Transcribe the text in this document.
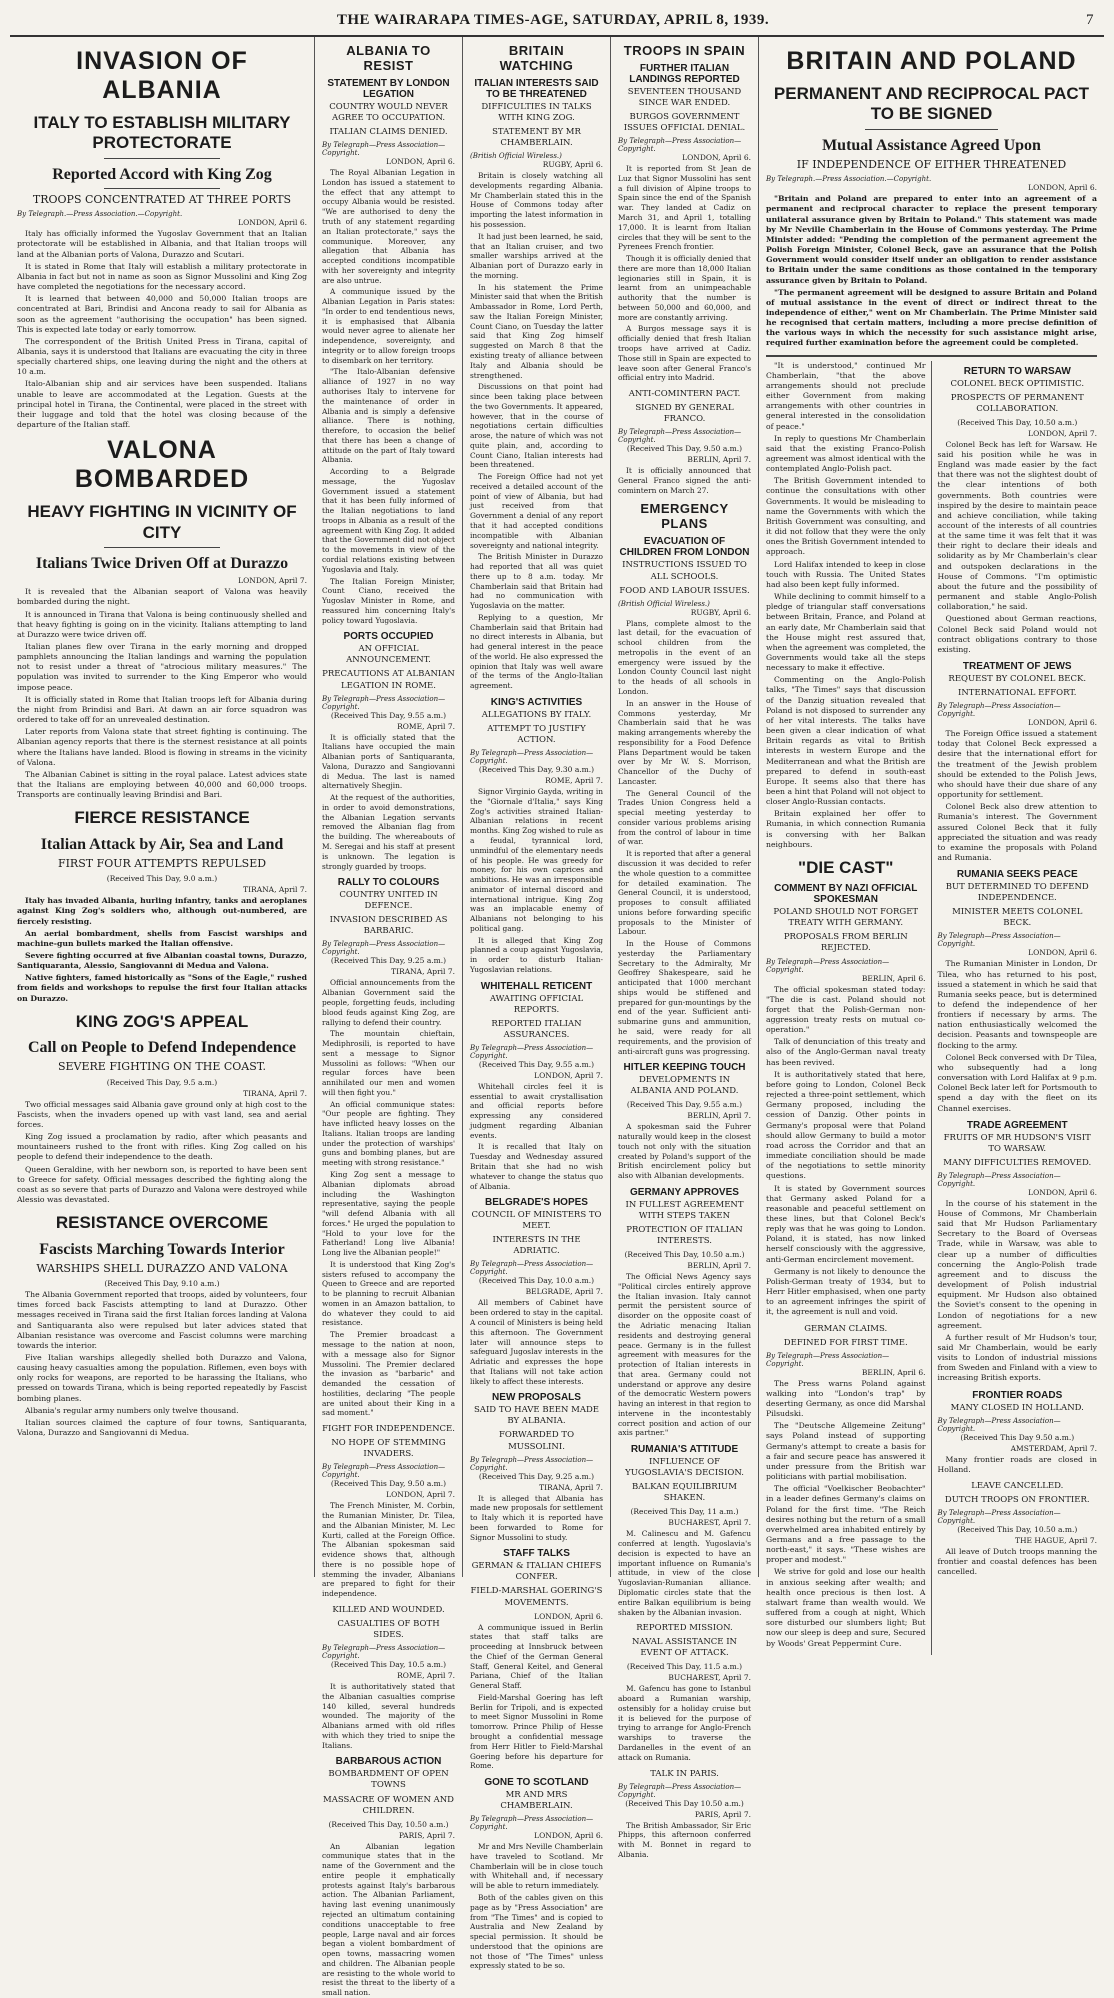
THE WAIRARAPA TIMES-AGE, SATURDAY, APRIL 8, 1939.	7
INVASION OF ALBANIA
ITALY TO ESTABLISH MILITARY PROTECTORATE
Reported Accord with King Zog
TROOPS CONCENTRATED AT THREE PORTS
By Telegraph.—Press Association.—Copyright.
LONDON, April 6.

Italy has officially informed the Yugoslav Government that an Italian protectorate will be established in Albania, and that Italian troops will land at the Albanian ports of Valona, Durazzo and Scutari.

It is stated in Rome that Italy will establish a military protectorate in Albania in fact but not in name as soon as Signor Mussolini and King Zog have completed the negotiations for the necessary accord.

It is learned that between 40,000 and 50,000 Italian troops are concentrated at Bari, Brindisi and Ancona ready to sail for Albania as soon as the agreement "authorising the occupation" has been signed. This is expected late today or early tomorrow.

The correspondent of the British United Press in Tirana, capital of Albania, says it is understood that Italians are evacuating the city in three specially chartered ships, one leaving during the night and the others at 10 a.m.

Italo-Albanian ship and air services have been suspended. Italians unable to leave are accommodated at the Legation. Guests at the principal hotel in Tirana, the Continental, were placed in the street with their luggage and told that the hotel was closing because of the departure of the Italian staff.

VALONA BOMBARDED
HEAVY FIGHTING IN VICINITY OF CITY
Italians Twice Driven Off at Durazzo
LONDON, April 7.

It is revealed that the Albanian seaport of Valona was heavily bombarded during the night.

It is announced in Tirana that Valona is being continuously shelled and that heavy fighting is going on in the vicinity. Italians attempting to land at Durazzo were twice driven off.

Italian planes flew over Tirana in the early morning and dropped pamphlets announcing the Italian landings and warning the population not to resist under a threat of "atrocious military measures." The population was invited to surrender to the King Emperor who would impose peace.

It is officially stated in Rome that Italian troops left for Albania during the night from Brindisi and Bari. At dawn an air force squadron was ordered to take off for an unrevealed destination.

Later reports from Valona state that street fighting is continuing. The Albanian agency reports that there is the sternest resistance at all points where the Italians have landed. Blood is flowing in streams in the vicinity of Valona.

The Albanian Cabinet is sitting in the royal palace. Latest advices state that the Italians are employing between 40,000 and 60,000 troops. Transports are continually leaving Brindisi and Bari.

FIERCE RESISTANCE
Italian Attack by Air, Sea and Land
FIRST FOUR ATTEMPTS REPULSED
(Received This Day, 9.0 a.m.)
TIRANA, April 7.

Italy has invaded Albania, hurling infantry, tanks and aeroplanes against King Zog's soldiers who, although out-numbered, are fiercely resisting.

An aerial bombardment, shells from Fascist warships and machine-gun bullets marked the Italian offensive.

Severe fighting occurred at five Albanian coastal towns, Durazzo, Santiquaranta, Alessio, Sangiovanni di Medua and Valona.

Native fighters, famed historically as "Sons of the Eagle," rushed from fields and workshops to repulse the first four Italian attacks on Durazzo.

KING ZOG'S APPEAL
Call on People to Defend Independence
SEVERE FIGHTING ON THE COAST.
(Received This Day, 9.5 a.m.)
TIRANA, April 7.

Two official messages said Albania gave ground only at high cost to the Fascists, when the invaders opened up with vast land, sea and aerial forces.

King Zog issued a proclamation by radio, after which peasants and mountaineers rushed to the front with rifles. King Zog called on his people to defend their independence to the death.

Queen Geraldine, with her newborn son, is reported to have been sent to Greece for safety. Official messages described the fighting along the coast as so severe that parts of Durazzo and Valona were destroyed while Alessio was devastated.

RESISTANCE OVERCOME
Fascists Marching Towards Interior
WARSHIPS SHELL DURAZZO AND VALONA
(Received This Day, 9.10 a.m.)

The Albania Government reported that troops, aided by volunteers, four times forced back Fascists attempting to land at Durazzo. Other messages received in Tirana said the first Italian forces landing at Valona and Santiquaranta also were repulsed but later advices stated that Albanian resistance was overcome and Fascist columns were marching towards the interior.

Five Italian warships allegedly shelled both Durazzo and Valona, causing heavy casualties among the population. Riflemen, even boys with only rocks for weapons, are reported to be harassing the Italians, who pressed on towards Tirana, which is being reported repeatedly by Fascist bombing planes.

Albania's regular army numbers only twelve thousand.

Italian sources claimed the capture of four towns, Santiquaranta, Valona, Durazzo and Sangiovanni di Medua.

ALBANIA TO RESIST
STATEMENT BY LONDON LEGATION
COUNTRY WOULD NEVER AGREE TO OCCUPATION.
ITALIAN CLAIMS DENIED.
By Telegraph—Press Association—Copyright.
LONDON, April 6.

The Royal Albanian Legation in London has issued a statement to the effect that any attempt to occupy Albania would be resisted. "We are authorised to deny the truth of any statement regarding an Italian protectorate," says the communique. Moreover, any allegation that Albania has accepted conditions incompatible with her sovereignty and integrity are also untrue.

A communique issued by the Albanian Legation in Paris states: "In order to end tendentious news, it is emphasised that Albania would never agree to alienate her independence, sovereignty, and integrity or to allow foreign troops to disembark on her territory.

"The Italo-Albanian defensive alliance of 1927 in no way authorises Italy to intervene for the maintenance of order in Albania and is simply a defensive alliance. There is nothing, therefore, to occasion the belief that there has been a change of attitude on the part of Italy toward Albania.

According to a Belgrade message, the Yugoslav Government issued a statement that it has been fully informed of the Italian negotiations to land troops in Albania as a result of the agreement with King Zog. It added that the Government did not object to the movements in view of the cordial relations existing between Yugoslavia and Italy.

The Italian Foreign Minister, Count Ciano, received the Yugoslav Minister in Rome, and reassured him concerning Italy's policy toward Yugoslavia.

PORTS OCCUPIED
AN OFFICIAL ANNOUNCEMENT.
PRECAUTIONS AT ALBANIAN LEGATION IN ROME.
By Telegraph—Press Association—Copyright.
(Received This Day, 9.55 a.m.)
ROME, April 7.

It is officially stated that the Italians have occupied the main Albanian ports of Santiquaranta, Valona, Durazzo and Sangiovanni di Medua. The last is named alternatively Shegjin.

At the request of the authorities, in order to avoid demonstrations, the Albanian Legation servants removed the Albanian flag from the building. The whereabouts of M. Seregai and his staff at present is unknown. The legation is strongly guarded by troops.

RALLY TO COLOURS
COUNTRY UNITED IN DEFENCE.
INVASION DESCRIBED AS BARBARIC.
By Telegraph—Press Association—Copyright.
(Received This Day, 9.25 a.m.)
TIRANA, April 7.

Official announcements from the Albanian Government said the people, forgetting feuds, including blood feuds against King Zog, are rallying to defend their country.

The mountain chieftain, Mediphrosili, is reported to have sent a message to Signor Mussolini as follows: "When our regular forces have been annihilated our men and women will then fight you."

An official communique states: "Our people are fighting. They have inflicted heavy losses on the Italians. Italian troops are landing under the protection of warships' guns and bombing planes, but are meeting with strong resistance."

King Zog sent a message to Albanian diplomats abroad including the Washington representative, saying the people "will defend Albania with all forces." He urged the population to "Hold to your love for the Fatherland! Long live Albania! Long live the Albanian people!"

It is understood that King Zog's sisters refused to accompany the Queen to Greece and are reported to be planning to recruit Albanian women in an Amazon battalion, to do whatever they could to aid resistance.

The Premier broadcast a message to the nation at noon, with a message also for Signor Mussolini. The Premier declared the invasion as "barbaric" and demanded the cessation of hostilities, declaring "The people are united about their King in a sad moment."

FIGHT FOR INDEPENDENCE.
NO HOPE OF STEMMING INVADERS.
By Telegraph—Press Association—Copyright.
(Received This Day, 9.50 a.m.)
LONDON, April 7.

The French Minister, M. Corbin, the Rumanian Minister, Dr. Tilea, and the Albanian Minister, M. Lec Kurti, called at the Foreign Office. The Albanian spokesman said evidence shows that, although there is no possible hope of stemming the invader, Albanians are prepared to fight for their independence.

KILLED AND WOUNDED.
CASUALTIES OF BOTH SIDES.
By Telegraph—Press Association—Copyright.
(Received This Day, 10.5 a.m.)
ROME, April 7.

It is authoritatively stated that the Albanian casualties comprise 140 killed, several hundreds wounded. The majority of the Albanians armed with old rifles with which they tried to snipe the Italians.

BARBAROUS ACTION
BOMBARDMENT OF OPEN TOWNS
MASSACRE OF WOMEN AND CHILDREN.
(Received This Day, 10.50 a.m.)
PARIS, April 7.

An Albanian legation communique states that in the name of the Government and the entire people it emphatically protests against Italy's barbarous action. The Albanian Parliament, having last evening unanimously rejected an ultimatum containing conditions unacceptable to free people, Large naval and air forces began a violent bombardment of open towns, massacring women and children. The Albanian people are resisting to the whole world to resist the threat to the liberty of a small nation.

BRITAIN WATCHING
ITALIAN INTERESTS SAID TO BE THREATENED
DIFFICULTIES IN TALKS WITH KING ZOG.
STATEMENT BY MR CHAMBERLAIN.
(British Official Wireless.)
RUGBY, April 6.

Britain is closely watching all developments regarding Albania. Mr Chamberlain stated this in the House of Commons today after importing the latest information in his possession.

It had just been learned, he said, that an Italian cruiser, and two smaller warships arrived at the Albanian port of Durazzo early in the morning.

In his statement the Prime Minister said that when the British Ambassador in Rome, Lord Perth, saw the Italian Foreign Minister, Count Ciano, on Tuesday the latter said that King Zog himself suggested on March 8 that the existing treaty of alliance between Italy and Albania should be strengthened.

Discussions on that point had since been taking place between the two Governments. It appeared, however, that in the course of negotiations certain difficulties arose, the nature of which was not quite plain, and, according to Count Ciano, Italian interests had been threatened.

The Foreign Office had not yet received a detailed account of the point of view of Albania, but had just received from that Government a denial of any report that it had accepted conditions incompatible with Albanian sovereignty and national integrity.

The British Minister in Durazzo had reported that all was quiet there up to 8 a.m. today. Mr Chamberlain said that Britain had had no communication with Yugoslavia on the matter.

Replying to a question, Mr Chamberlain said that Britain had no direct interests in Albania, but had general interest in the peace of the world. He also expressed the opinion that Italy was well aware of the terms of the Anglo-Italian agreement.

KING'S ACTIVITIES
ALLEGATIONS BY ITALY.
ATTEMPT TO JUSTIFY ACTION.
By Telegraph—Press Association—Copyright.
(Received This Day, 9.30 a.m.)
ROME, April 7.

Signor Virginio Gayda, writing in the "Giornale d'Italia," says King Zog's activities strained Italian-Albanian relations in recent months. King Zog wished to rule as a feudal, tyrannical lord, unmindful of the elementary needs of his people. He was greedy for money, for his own caprices and ambitions. He was an irresponsible animator of internal discord and international intrigue. King Zog was an implacable enemy of Albanians not belonging to his political gang.

It is alleged that King Zog planned a coup against Yugoslavia, in order to disturb Italian-Yugoslavian relations.

WHITEHALL RETICENT
AWAITING OFFICIAL REPORTS.
REPORTED ITALIAN ASSURANCES.
By Telegraph—Press Association—Copyright.
(Received This Day, 9.55 a.m.)
LONDON, April 7.

Whitehall circles feel it is essential to await crystallisation and official reports before expressing any considered judgment regarding Albanian events.

It is recalled that Italy on Tuesday and Wednesday assured Britain that she had no wish whatever to change the status quo of Albania.

BELGRADE'S HOPES
COUNCIL OF MINISTERS TO MEET.
INTERESTS IN THE ADRIATIC.
By Telegraph—Press Association—Copyright.
(Received This Day, 10.0 a.m.)
BELGRADE, April 7.

All members of Cabinet have been ordered to stay in the capital. A council of Ministers is being held this afternoon. The Government later will announce steps to safeguard Jugoslav interests in the Adriatic and expresses the hope that Italians will not take action likely to affect these interests.

NEW PROPOSALS
SAID TO HAVE BEEN MADE BY ALBANIA.
FORWARDED TO MUSSOLINI.
By Telegraph—Press Association—Copyright.
(Received This Day, 9.25 a.m.)
TIRANA, April 7.

It is alleged that Albania has made new proposals for settlement to Italy which it is reported have been forwarded to Rome for Signor Mussolini to study.

STAFF TALKS
GERMAN & ITALIAN CHIEFS CONFER.
FIELD-MARSHAL GOERING'S MOVEMENTS.
LONDON, April 6.

A communique issued in Berlin states that staff talks are proceeding at Innsbruck between the Chief of the German General Staff, General Keitel, and General Pariana, Chief of the Italian General Staff.

Field-Marshal Goering has left Berlin for Tripoli, and is expected to meet Signor Mussolini in Rome tomorrow. Prince Philip of Hesse brought a confidential message from Herr Hitler to Field-Marshal Goering before his departure for Rome.

GONE TO SCOTLAND
MR AND MRS CHAMBERLAIN.
By Telegraph—Press Association—Copyright.
LONDON, April 6.

Mr and Mrs Neville Chamberlain have traveled to Scotland. Mr Chamberlain will be in close touch with Whitehall and, if necessary will be able to return immediately.

Both of the cables given on this page as by "Press Association" are from "The Times" and is copied to Australia and New Zealand by special permission. It should be understood that the opinions are not those of "The Times" unless expressly stated to be so.

TROOPS IN SPAIN
FURTHER ITALIAN LANDINGS REPORTED
SEVENTEEN THOUSAND SINCE WAR ENDED.
BURGOS GOVERNMENT ISSUES OFFICIAL DENIAL.
By Telegraph—Press Association—Copyright.
LONDON, April 6.

It is reported from St Jean de Luz that Signor Mussolini has sent a full division of Alpine troops to Spain since the end of the Spanish war. They landed at Cadiz on March 31, and April 1, totalling 17,000. It is learnt from Italian circles that they will be sent to the Pyrenees French frontier.

Though it is officially denied that there are more than 18,000 Italian legionaries still in Spain, it is learnt from an unimpeachable authority that the number is between 50,000 and 60,000, and more are constantly arriving.

A Burgos message says it is officially denied that fresh Italian troops have arrived at Cadiz. Those still in Spain are expected to leave soon after General Franco's official entry into Madrid.

ANTI-COMINTERN PACT.
SIGNED BY GENERAL FRANCO.
By Telegraph—Press Association—Copyright.
(Received This Day, 9.50 a.m.)
BERLIN, April 7.

It is officially announced that General Franco signed the anti-comintern on March 27.

EMERGENCY PLANS
EVACUATION OF CHILDREN FROM LONDON
INSTRUCTIONS ISSUED TO ALL SCHOOLS.
FOOD AND LABOUR ISSUES.
(British Official Wireless.)
RUGBY, April 6.

Plans, complete almost to the last detail, for the evacuation of school children from the metropolis in the event of an emergency were issued by the London County Council last night to the heads of all schools in London.

In an answer in the House of Commons yesterday, Mr Chamberlain said that he was making arrangements whereby the responsibility for a Food Defence Plans Department would be taken over by Mr W. S. Morrison, Chancellor of the Duchy of Lancaster.

The General Council of the Trades Union Congress held a special meeting yesterday to consider various problems arising from the control of labour in time of war.

It is reported that after a general discussion it was decided to refer the whole question to a committee for detailed examination. The General Council, it is understood, proposes to consult affiliated unions before forwarding specific proposals to the Minister of Labour.

In the House of Commons yesterday the Parliamentary Secretary to the Admiralty, Mr Geoffrey Shakespeare, said he anticipated that 1000 merchant ships would be stiffened and prepared for gun-mountings by the end of the year. Sufficient anti-submarine guns and ammunition, he said, were ready for all requirements, and the provision of anti-aircraft guns was progressing.

HITLER KEEPING TOUCH
DEVELOPMENTS IN ALBANIA AND POLAND.
(Received This Day, 9.55 a.m.)
BERLIN, April 7.

A spokesman said the Fuhrer naturally would keep in the closest touch not only with the situation created by Poland's support of the British encirclement policy but also with Albanian developments.

GERMANY APPROVES
IN FULLEST AGREEMENT WITH STEPS TAKEN
PROTECTION OF ITALIAN INTERESTS.
(Received This Day, 10.50 a.m.)
BERLIN, April 7.

The Official News Agency says "Political circles entirely approve the Italian invasion. Italy cannot permit the persistent source of disorder on the opposite coast of the Adriatic menacing Italian residents and destroying general peace. Germany is in the fullest agreement with measures for the protection of Italian interests in that area. Germany could not understand or approve any desire of the democratic Western powers having an interest in that region to intervene in the incontestably correct position and action of our axis partner."

RUMANIA'S ATTITUDE
INFLUENCE OF YUGOSLAVIA'S DECISION.
BALKAN EQUILIBRIUM SHAKEN.
(Received This Day, 11 a.m.)
BUCHAREST, April 7.

M. Calinescu and M. Gafencu conferred at length. Yugoslavia's decision is expected to have an important influence on Rumania's attitude, in view of the close Yugoslavian-Rumanian alliance. Diplomatic circles state that the entire Balkan equilibrium is being shaken by the Albanian invasion.

REPORTED MISSION.
NAVAL ASSISTANCE IN EVENT OF ATTACK.
(Received This Day, 11.5 a.m.)
BUCHAREST, April 7.

M. Gafencu has gone to Istanbul aboard a Rumanian warship, ostensibly for a holiday cruise but it is believed for the purpose of trying to arrange for Anglo-French warships to traverse the Dardanelles in the event of an attack on Rumania.

TALK IN PARIS.
By Telegraph—Press Association—Copyright.
(Received This Day 10.50 a.m.)
PARIS, April 7.

The British Ambassador, Sir Eric Phipps, this afternoon conferred with M. Bonnet in regard to Albania.

BRITAIN AND POLAND
PERMANENT AND RECIPROCAL PACT TO BE SIGNED
Mutual Assistance Agreed Upon
IF INDEPENDENCE OF EITHER THREATENED
By Telegraph.—Press Association.—Copyright.
LONDON, April 6.

"Britain and Poland are prepared to enter into an agreement of a permanent and reciprocal character to replace the present temporary unilateral assurance given by Britain to Poland." This statement was made by Mr Neville Chamberlain in the House of Commons yesterday. The Prime Minister added: "Pending the completion of the permanent agreement the Polish Foreign Minister, Colonel Beck, gave an assurance that the Polish Government would consider itself under an obligation to render assistance to Britain under the same conditions as those contained in the temporary assurance given by Britain to Poland.

"The permanent agreement will be designed to assure Britain and Poland of mutual assistance in the event of direct or indirect threat to the independence of either," went on Mr Chamberlain. The Prime Minister said he recognised that certain matters, including a more precise definition of the various ways in which the necessity for such assistance might arise, required further examination before the agreement could be completed.

"It is understood," continued Mr Chamberlain, "that the above arrangements should not preclude either Government from making arrangements with other countries in general interested in the consolidation of peace."

In reply to questions Mr Chamberlain said that the existing Franco-Polish agreement was almost identical with the contemplated Anglo-Polish pact.

The British Government intended to continue the consultations with other Governments. It would be misleading to name the Governments with which the British Government was consulting, and it did not follow that they were the only ones the British Government intended to approach.

Lord Halifax intended to keep in close touch with Russia. The United States had also been kept fully informed.

While declining to commit himself to a pledge of triangular staff conversations between Britain, France, and Poland at an early date, Mr Chamberlain said that the House might rest assured that, when the agreement was completed, the Governments would take all the steps necessary to make it effective.

Commenting on the Anglo-Polish talks, "The Times" says that discussion of the Danzig situation revealed that Poland is not disposed to surrender any of her vital interests. The talks have been given a clear indication of what Britain regards as vital to British interests in western Europe and the Mediterranean and what the British are prepared to defend in south-east Europe. It seems also that there has been a hint that Poland will not object to closer Anglo-Russian contacts.

Britain explained her offer to Rumania, in which connection Rumania is conversing with her Balkan neighbours.

"DIE CAST"
COMMENT BY NAZI OFFICIAL SPOKESMAN
POLAND SHOULD NOT FORGET TREATY WITH GERMANY.
PROPOSALS FROM BERLIN REJECTED.
By Telegraph—Press Association—Copyright.
BERLIN, April 6.

The official spokesman stated today: "The die is cast. Poland should not forget that the Polish-German non-aggression treaty rests on mutual co-operation."

Talk of denunciation of this treaty and also of the Anglo-German naval treaty has been revived.

It is authoritatively stated that here, before going to London, Colonel Beck rejected a three-point settlement, which Germany proposed, including the cession of Danzig. Other points in Germany's proposal were that Poland should allow Germany to build a motor road across the Corridor and that an immediate conciliation should be made of the negotiations to settle minority questions.

It is stated by Government sources that Germany asked Poland for a reasonable and peaceful settlement on these lines, but that Colonel Beck's reply was that he was going to London. Poland, it is stated, has now linked herself consciously with the aggressive, anti-German encirclement movement.

Germany is not likely to denounce the Polish-German treaty of 1934, but to Herr Hitler emphasised, when one party to an agreement infringes the spirit of it, the agreement is null and void.

GERMAN CLAIMS.
DEFINED FOR FIRST TIME.
By Telegraph—Press Association—Copyright.
BERLIN, April 6.

The Press warns Poland against walking into "London's trap" by deserting Germany, as once did Marshal Pilsudski.

The "Deutsche Allgemeine Zeitung" says Poland instead of supporting Germany's attempt to create a basis for a fair and secure peace has answered it under pressure from the British war politicians with partial mobilisation.

The official "Voelkischer Beobachter" in a leader defines Germany's claims on Poland for the first time. "The Reich desires nothing but the return of a small overwhelmed area inhabited entirely by Germans and a free passage to the north-east," it says. "These wishes are proper and modest."

We strive for gold and lose our health in anxious seeking after wealth; and health once precious is then lost. A stalwart frame than wealth would. We suffered from a cough at night, Which sore disturbed our slumbers light; But now our sleep is deep and sure, Secured by Woods' Great Peppermint Cure.

RETURN TO WARSAW
COLONEL BECK OPTIMISTIC.
PROSPECTS OF PERMANENT COLLABORATION.
(Received This Day, 10.50 a.m.)
LONDON, April 7.

Colonel Beck has left for Warsaw. He said his position while he was in England was made easier by the fact that there was not the slightest doubt of the clear intentions of both governments. Both countries were inspired by the desire to maintain peace and achieve conciliation, while taking account of the interests of all countries at the same time it was felt that it was their right to declare their ideals and solidarity as by Mr Chamberlain's clear and outspoken declarations in the House of Commons. "I'm optimistic about the future and the possibility of permanent and stable Anglo-Polish collaboration," he said.

Questioned about German reactions, Colonel Beck said Poland would not contract obligations contrary to those existing.

TREATMENT OF JEWS
REQUEST BY COLONEL BECK.
INTERNATIONAL EFFORT.
By Telegraph—Press Association—Copyright.
LONDON, April 6.

The Foreign Office issued a statement today that Colonel Beck expressed a desire that the international effort for the treatment of the Jewish problem should be extended to the Polish Jews, who should have their due share of any opportunity for settlement.

Colonel Beck also drew attention to Rumania's interest. The Government assured Colonel Beck that it fully appreciated the situation and was ready to examine the proposals with Poland and Rumania.

RUMANIA SEEKS PEACE
BUT DETERMINED TO DEFEND INDEPENDENCE.
MINISTER MEETS COLONEL BECK.
By Telegraph—Press Association—Copyright.
LONDON, April 6.

The Rumanian Minister in London, Dr Tilea, who has returned to his post, issued a statement in which he said that Rumania seeks peace, but is determined to defend the independence of her frontiers if necessary by arms. The nation enthusiastically welcomed the decision. Peasants and townspeople are flocking to the army.

Colonel Beck conversed with Dr Tilea, who subsequently had a long conversation with Lord Halifax at 9 p.m. Colonel Beck later left for Portsmouth to spend a day with the fleet on its Channel exercises.

TRADE AGREEMENT
FRUITS OF MR HUDSON'S VISIT TO WARSAW.
MANY DIFFICULTIES REMOVED.
By Telegraph—Press Association—Copyright.
LONDON, April 6.

In the course of his statement in the House of Commons, Mr Chamberlain said that Mr Hudson Parliamentary Secretary to the Board of Overseas Trade, while in Warsaw, was able to clear up a number of difficulties concerning the Anglo-Polish trade agreement and to discuss the development of Polish industrial equipment. Mr Hudson also obtained the Soviet's consent to the opening in London of negotiations for a new agreement.

A further result of Mr Hudson's tour, said Mr Chamberlain, would be early visits to London of industrial missions from Sweden and Finland with a view to increasing British exports.

FRONTIER ROADS
MANY CLOSED IN HOLLAND.
By Telegraph—Press Association—Copyright.
(Received This Day 9.50 a.m.)
AMSTERDAM, April 7.

Many frontier roads are closed in Holland.

LEAVE CANCELLED.
DUTCH TROOPS ON FRONTIER.
By Telegraph—Press Association—Copyright.
(Received This Day, 10.50 a.m.)
THE HAGUE, April 7.

All leave of Dutch troops manning the frontier and coastal defences has been cancelled.
